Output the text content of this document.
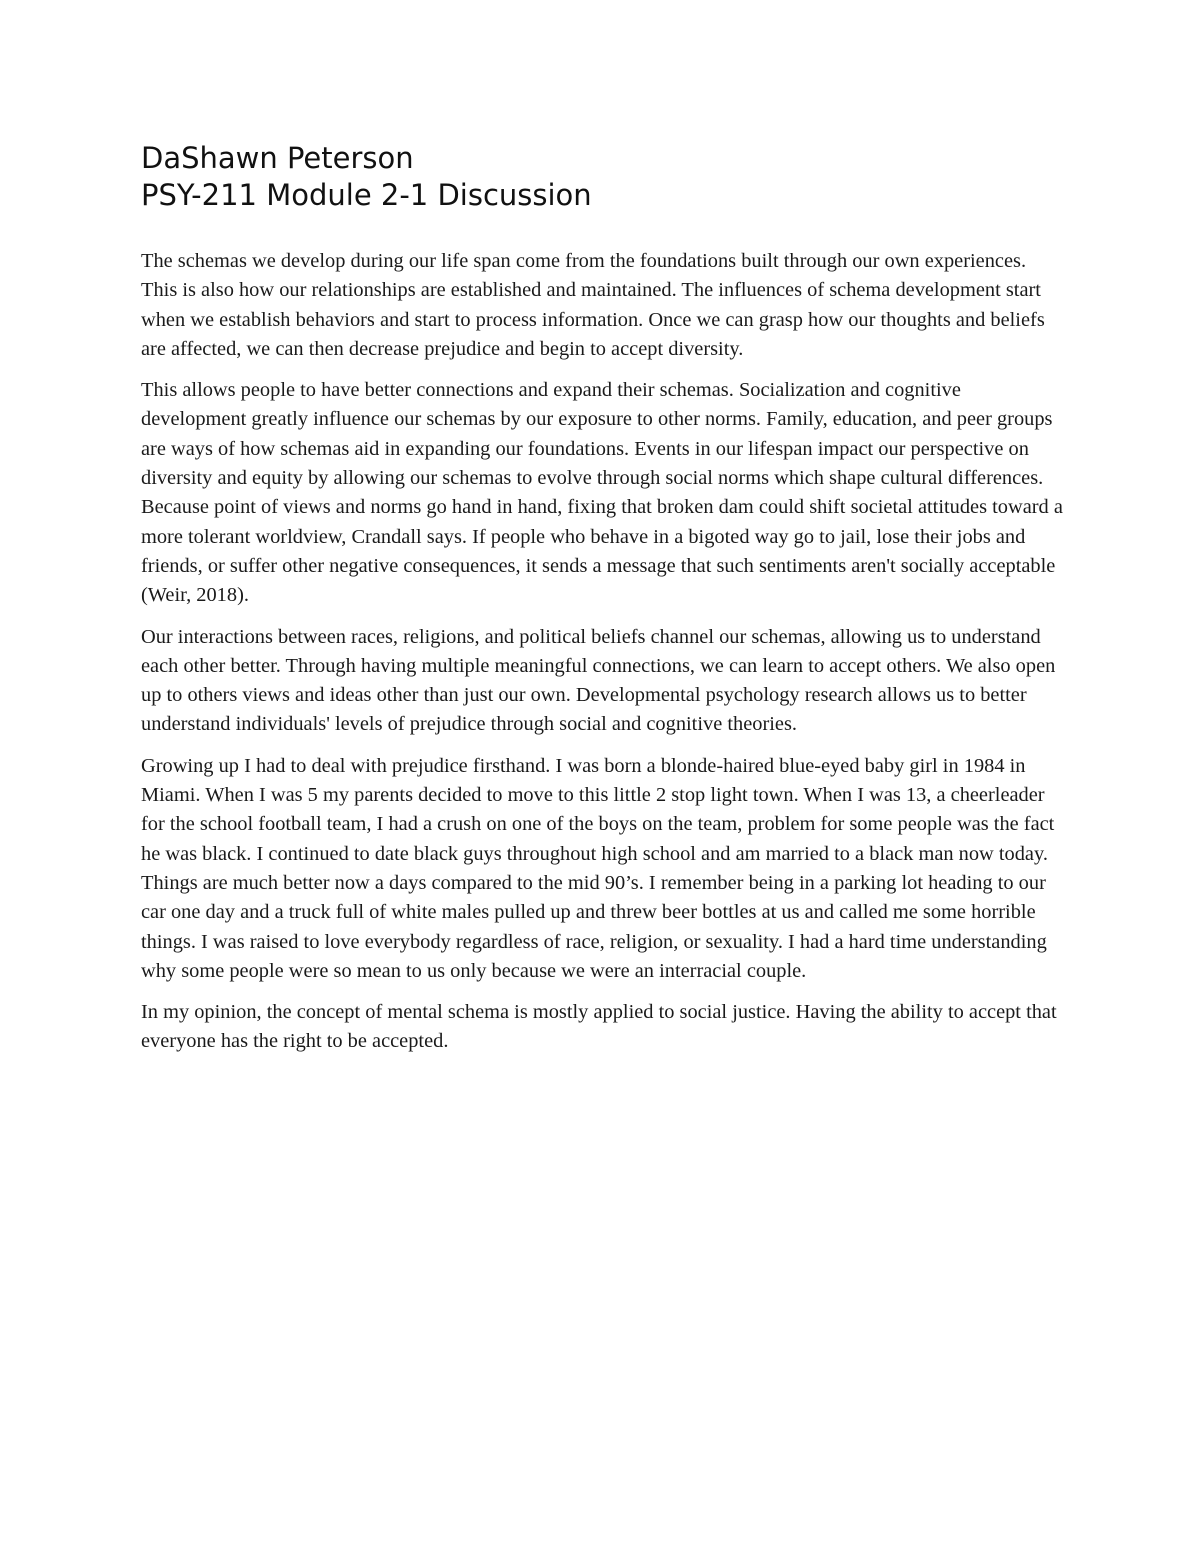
DaShawn Peterson
PSY-211 Module 2-1 Discussion

The schemas we develop during our life span come from the foundations built through our own experiences. This is also how our relationships are established and maintained. The influences of schema development start when we establish behaviors and start to process information. Once we can grasp how our thoughts and beliefs are affected, we can then decrease prejudice and begin to accept diversity.

This allows people to have better connections and expand their schemas. Socialization and cognitive development greatly influence our schemas by our exposure to other norms. Family, education, and peer groups are ways of how schemas aid in expanding our foundations. Events in our lifespan impact our perspective on diversity and equity by allowing our schemas to evolve through social norms which shape cultural differences. Because point of views and norms go hand in hand, fixing that broken dam could shift societal attitudes toward a more tolerant worldview, Crandall says. If people who behave in a bigoted way go to jail, lose their jobs and friends, or suffer other negative consequences, it sends a message that such sentiments aren't socially acceptable (Weir, 2018).

Our interactions between races, religions, and political beliefs channel our schemas, allowing us to understand each other better. Through having multiple meaningful connections, we can learn to accept others. We also open up to others views and ideas other than just our own. Developmental psychology research allows us to better understand individuals' levels of prejudice through social and cognitive theories.

Growing up I had to deal with prejudice firsthand. I was born a blonde-haired blue-eyed baby girl in 1984 in Miami. When I was 5 my parents decided to move to this little 2 stop light town. When I was 13, a cheerleader for the school football team, I had a crush on one of the boys on the team, problem for some people was the fact he was black. I continued to date black guys throughout high school and am married to a black man now today. Things are much better now a days compared to the mid 90’s. I remember being in a parking lot heading to our car one day and a truck full of white males pulled up and threw beer bottles at us and called me some horrible things. I was raised to love everybody regardless of race, religion, or sexuality. I had a hard time understanding why some people were so mean to us only because we were an interracial couple.

In my opinion, the concept of mental schema is mostly applied to social justice. Having the ability to accept that everyone has the right to be accepted.
